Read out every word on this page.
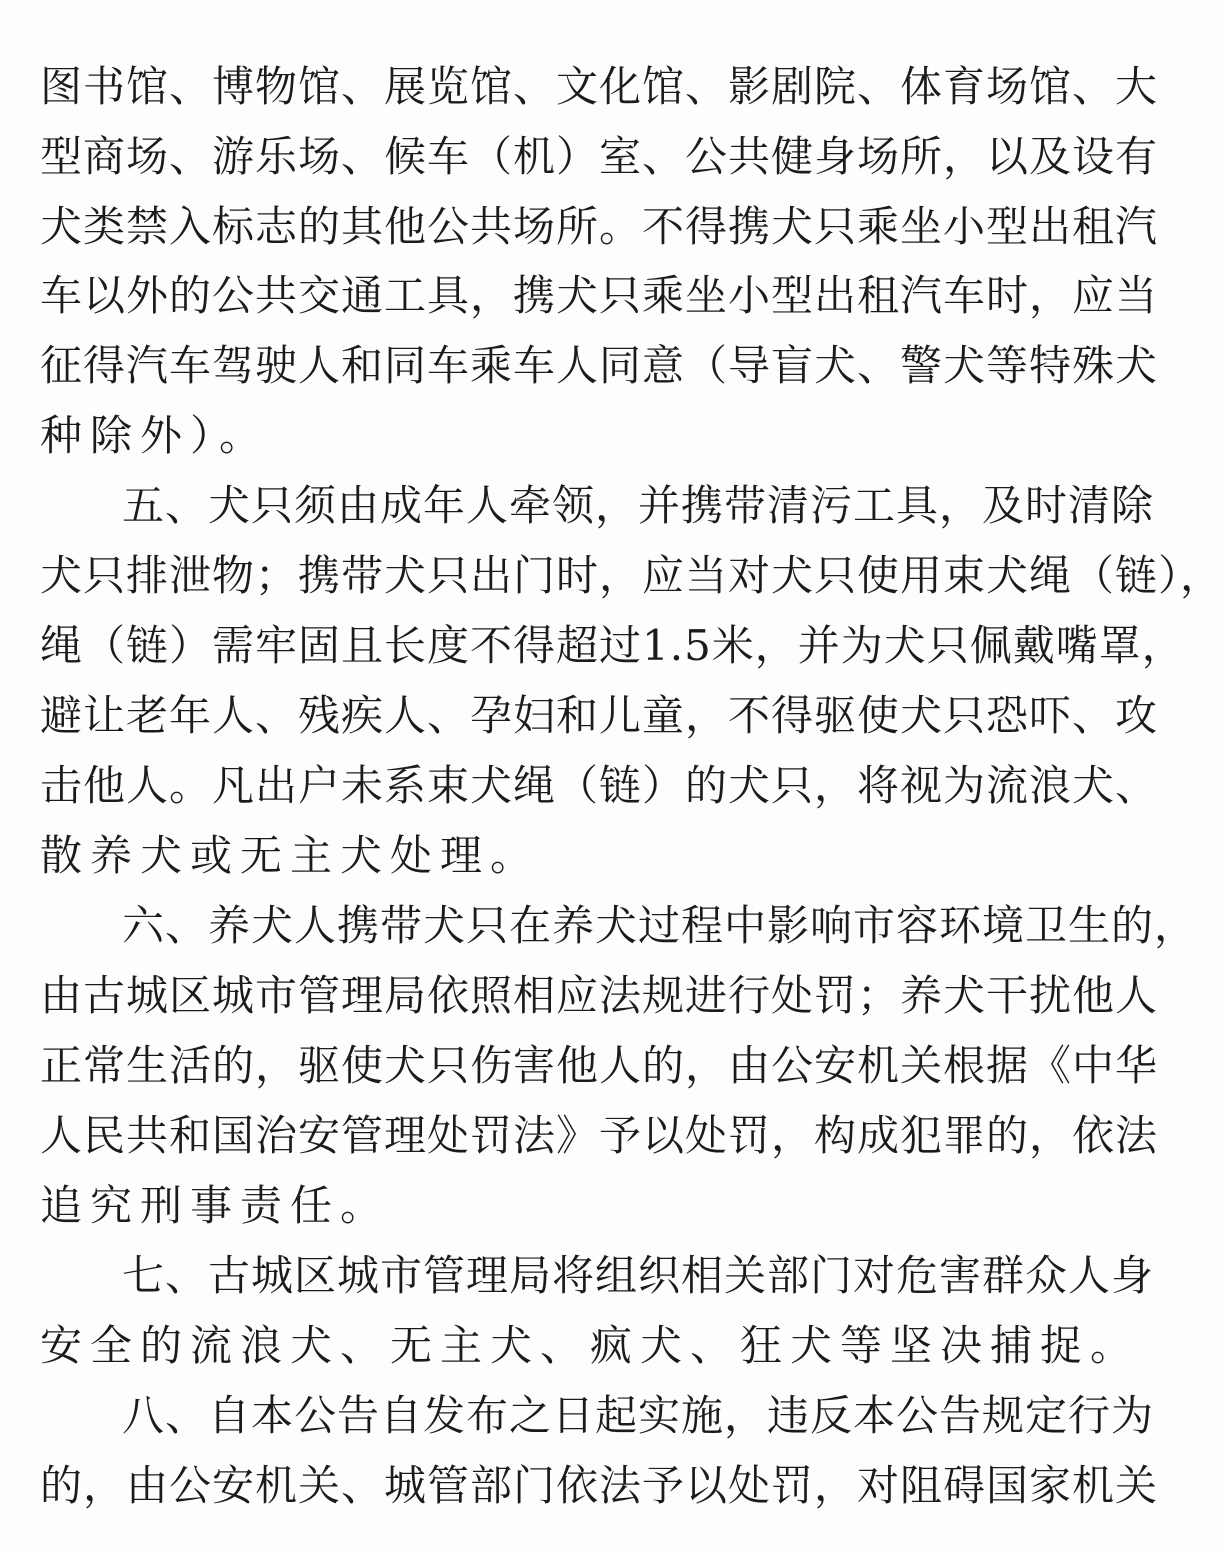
图书馆、博物馆、展览馆、文化馆、影剧院、体育场馆、大
型商场、游乐场、候车（机）室、公共健身场所，以及设有
犬类禁入标志的其他公共场所。不得携犬只乘坐小型出租汽
车以外的公共交通工具，携犬只乘坐小型出租汽车时，应当
征得汽车驾驶人和同车乘车人同意（导盲犬、警犬等特殊犬
种除外）。
五、犬只须由成年人牵领，并携带清污工具，及时清除
犬只排泄物；携带犬只出门时，应当对犬只使用束犬绳（链），
绳（链）需牢固且长度不得超过1.5米，并为犬只佩戴嘴罩，
避让老年人、残疾人、孕妇和儿童，不得驱使犬只恐吓、攻
击他人。凡出户未系束犬绳（链）的犬只，将视为流浪犬、
散养犬或无主犬处理。
六、养犬人携带犬只在养犬过程中影响市容环境卫生的，
由古城区城市管理局依照相应法规进行处罚；养犬干扰他人
正常生活的，驱使犬只伤害他人的，由公安机关根据《中华
人民共和国治安管理处罚法》予以处罚，构成犯罪的，依法
追究刑事责任。
七、古城区城市管理局将组织相关部门对危害群众人身
安全的流浪犬、无主犬、疯犬、狂犬等坚决捕捉。
八、自本公告自发布之日起实施，违反本公告规定行为
的，由公安机关、城管部门依法予以处罚，对阻碍国家机关
